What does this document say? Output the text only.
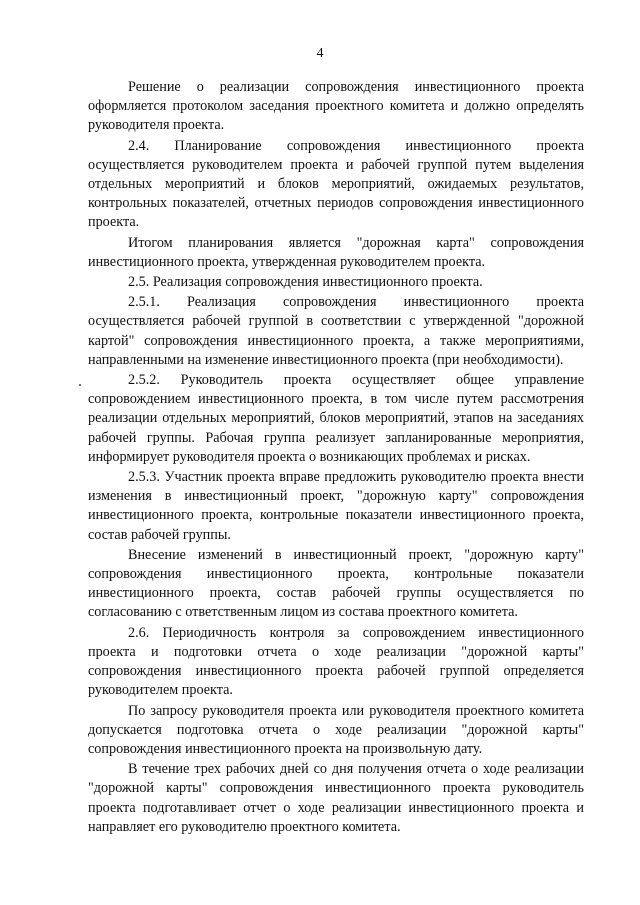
4

Решение о реализации сопровождения инвестиционного проекта оформляется протоколом заседания проектного комитета и должно определять руководителя проекта.

2.4. Планирование сопровождения инвестиционного проекта осуществляется руководителем проекта и рабочей группой путем выделения отдельных мероприятий и блоков мероприятий, ожидаемых результатов, контрольных показателей, отчетных периодов сопровождения инвестиционного проекта.

Итогом планирования является "дорожная карта" сопровождения инвестиционного проекта, утвержденная руководителем проекта.

2.5. Реализация сопровождения инвестиционного проекта.

2.5.1. Реализация сопровождения инвестиционного проекта осуществляется рабочей группой в соответствии с утвержденной "дорожной картой" сопровождения инвестиционного проекта, а также мероприятиями, направленными на изменение инвестиционного проекта (при необходимости).

2.5.2. Руководитель проекта осуществляет общее управление сопровождением инвестиционного проекта, в том числе путем рассмотрения реализации отдельных мероприятий, блоков мероприятий, этапов на заседаниях рабочей группы. Рабочая группа реализует запланированные мероприятия, информирует руководителя проекта о возникающих проблемах и рисках.

2.5.3. Участник проекта вправе предложить руководителю проекта внести изменения в инвестиционный проект, "дорожную карту" сопровождения инвестиционного проекта, контрольные показатели инвестиционного проекта, состав рабочей группы.

Внесение изменений в инвестиционный проект, "дорожную карту" сопровождения инвестиционного проекта, контрольные показатели инвестиционного проекта, состав рабочей группы осуществляется по согласованию с ответственным лицом из состава проектного комитета.

2.6. Периодичность контроля за сопровождением инвестиционного проекта и подготовки отчета о ходе реализации "дорожной карты" сопровождения инвестиционного проекта рабочей группой определяется руководителем проекта.

По запросу руководителя проекта или руководителя проектного комитета допускается подготовка отчета о ходе реализации "дорожной карты" сопровождения инвестиционного проекта на произвольную дату.

В течение трех рабочих дней со дня получения отчета о ходе реализации "дорожной карты" сопровождения инвестиционного проекта руководитель проекта подготавливает отчет о ходе реализации инвестиционного проекта и направляет его руководителю проектного комитета.
